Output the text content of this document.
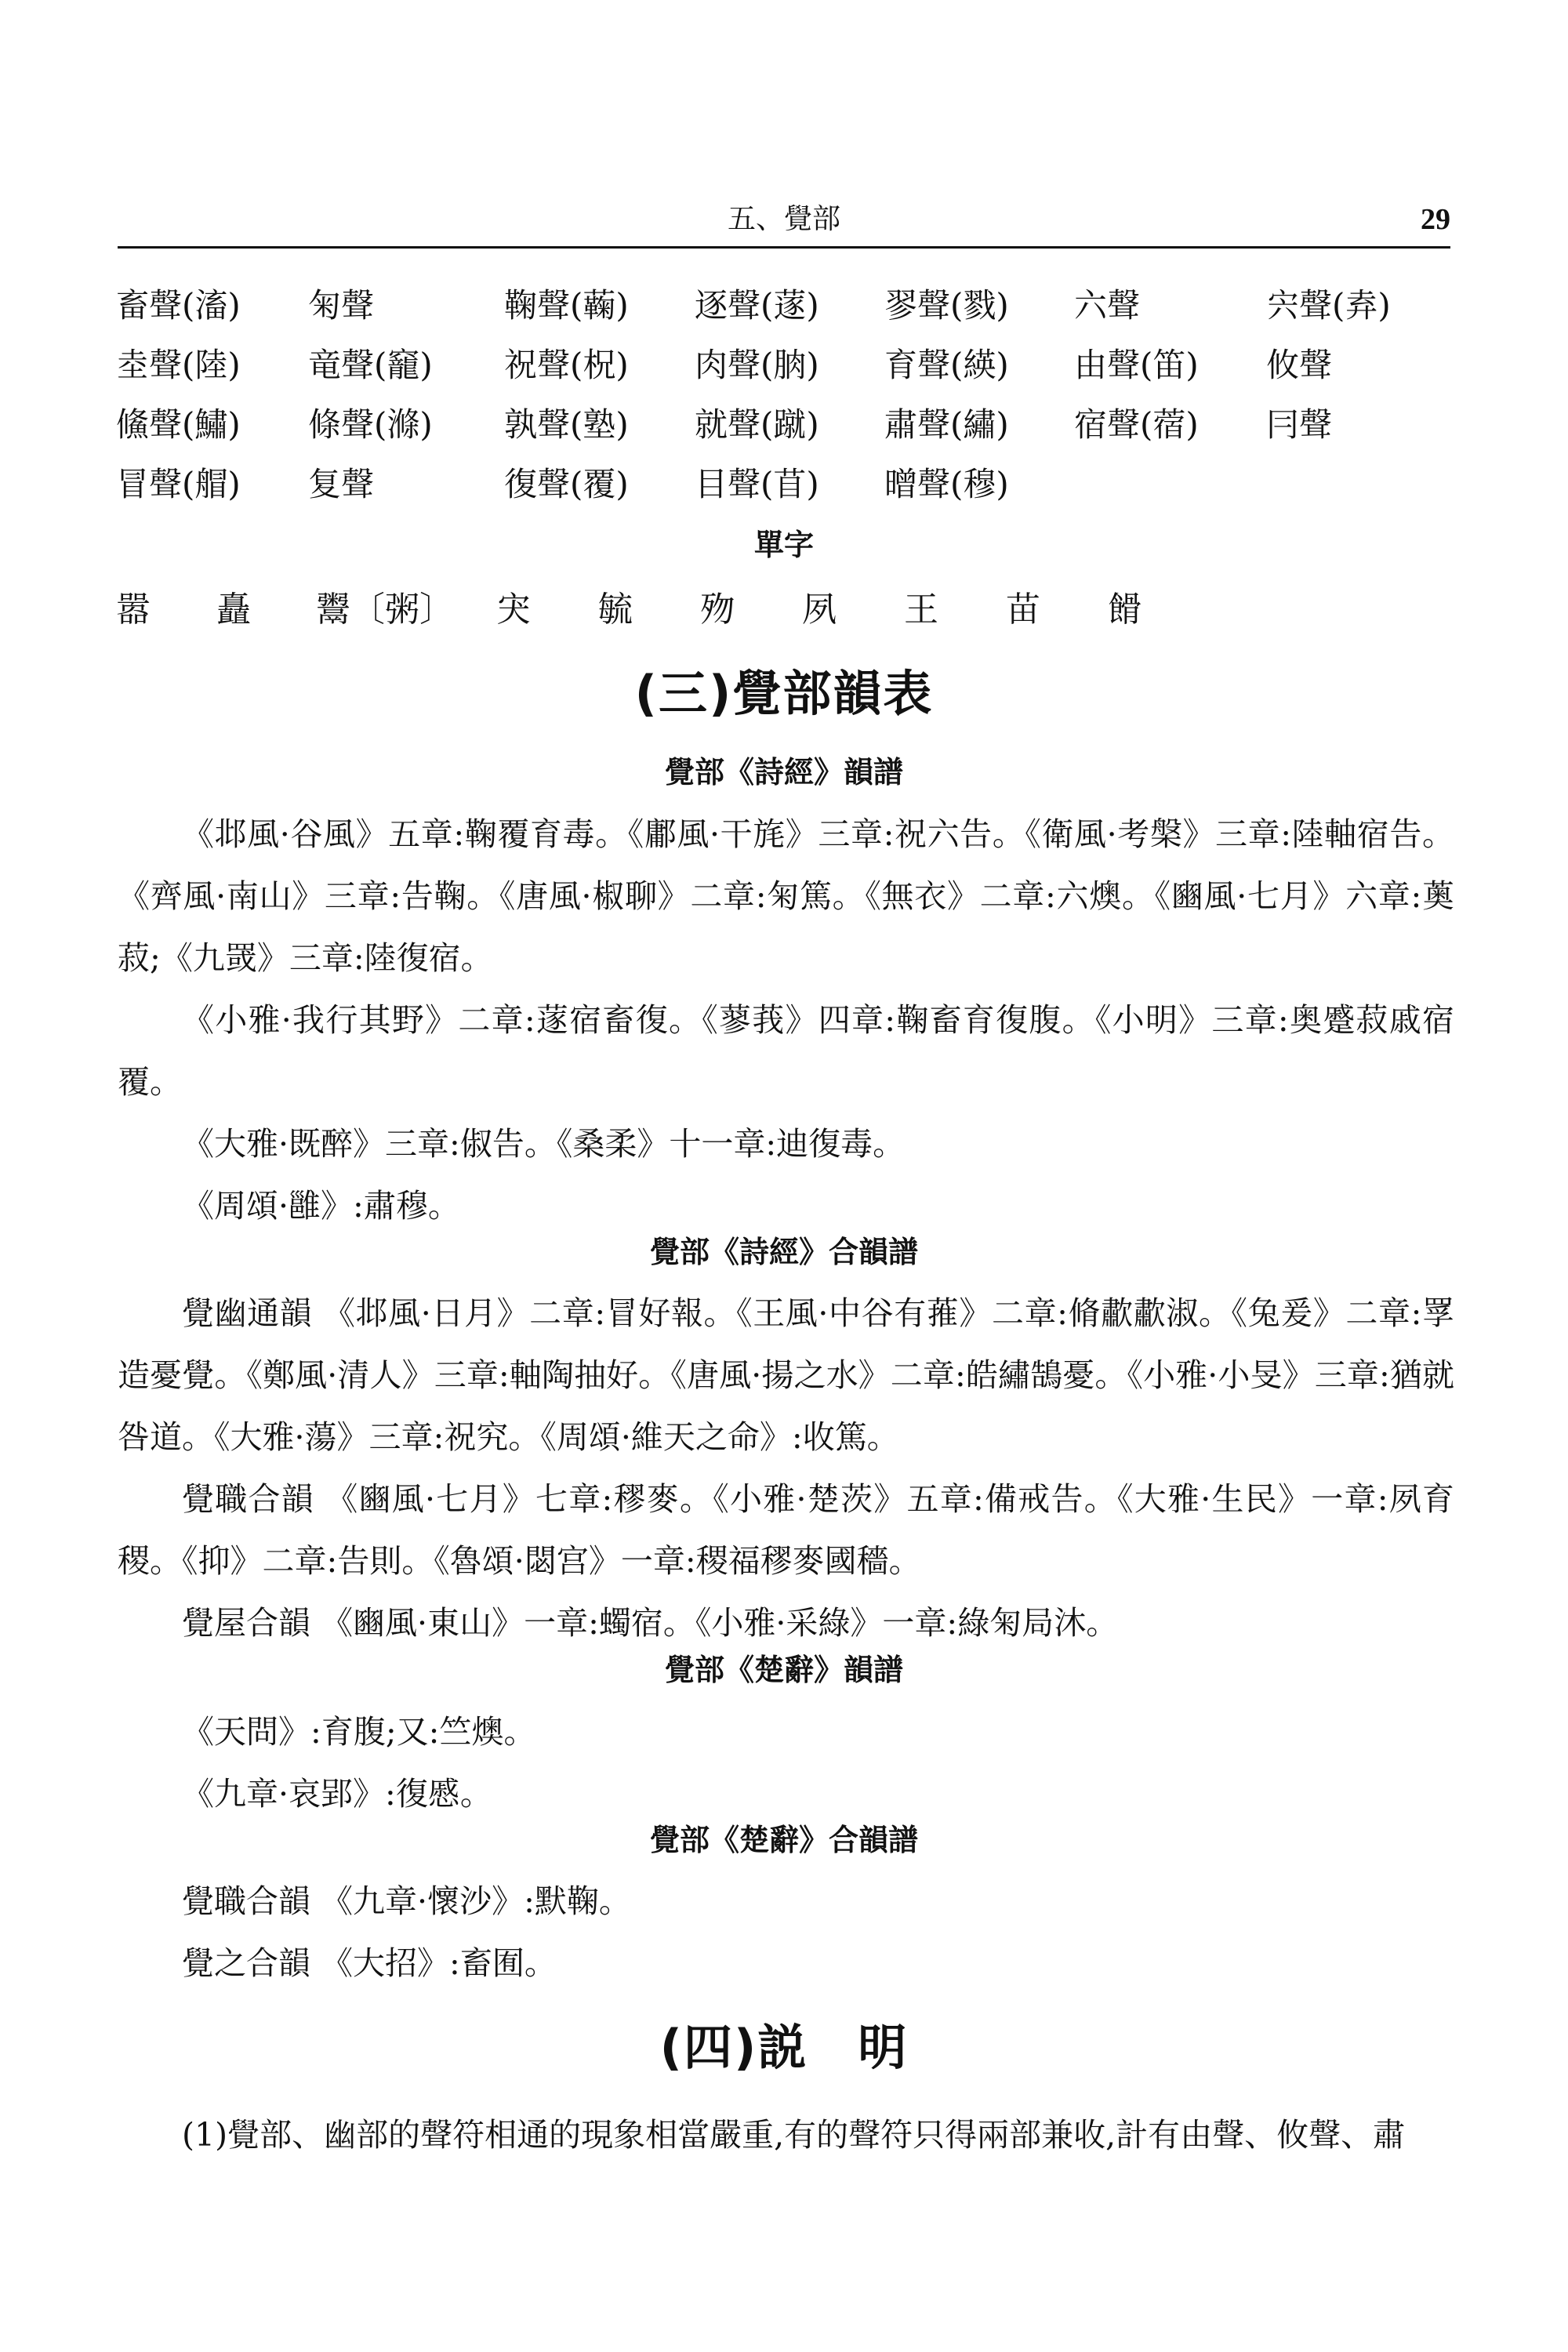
五、覺部	29
畜聲(滀) 匊聲	鞠聲(蘜) 逐聲(蓫) 翏聲(戮) 六聲	宍聲(弆)
坴聲(陸) 竜聲(竉) 祝聲(柷) 肉聲(朒) 育聲(緓) 由聲(笛) 攸聲
鯈聲(鱐) 條聲(滌) 孰聲(塾) 就聲(蹴) 肅聲(繡) 宿聲(蓿) 冃聲
冒聲(艒) 复聲	復聲(覆) 目聲(苜) 㬝聲(穆)
單字
嚣 矗 鬻〔粥〕 宊 毓 歾 夙 王 苗 餶
(三)覺部韻表
覺部《詩經》韻譜
《邶風·谷風》五章:鞠覆育毒。《鄘風·干旄》三章:祝六告。《衛風·考槃》三章:陸軸宿告。《齊風·南山》三章:告鞠。《唐風·椒聊》二章:匊篤。《無衣》二章:六燠。《豳風·七月》六章:薁菽;《九罭》三章:陸復宿。
《小雅·我行其野》二章:蓫宿畜復。《蓼莪》四章:鞠畜育復腹。《小明》三章:奥蹙菽戚宿覆。
《大雅·既醉》三章:俶告。《桑柔》十一章:迪復毒。
《周頌·雝》:肅穆。
覺部《詩經》合韻譜
覺幽通韻 《邶風·日月》二章:冒好報。《王風·中谷有蓷》二章:脩歗歗淑。《兔爰》二章:罦造憂覺。《鄭風·清人》三章:軸陶抽好。《唐風·揚之水》二章:皓繡鵠憂。《小雅·小旻》三章:猶就咎道。《大雅·蕩》三章:祝究。《周頌·維天之命》:收篤。
覺職合韻 《豳風·七月》七章:穋麥。《小雅·楚茨》五章:備戒告。《大雅·生民》一章:夙育稷。《抑》二章:告則。《魯頌·閟宫》一章:稷福穋麥國穡。
覺屋合韻 《豳風·東山》一章:蠋宿。《小雅·采綠》一章:綠匊局沐。
覺部《楚辭》韻譜
《天問》:育腹;又:竺燠。
《九章·哀郢》:復慼。
覺部《楚辭》合韻譜
覺職合韻 《九章·懷沙》:默鞠。
覺之合韻 《大招》:畜囿。
(四)説　明
(1)覺部、幽部的聲符相通的現象相當嚴重,有的聲符只得兩部兼收,計有由聲、攸聲、肅
